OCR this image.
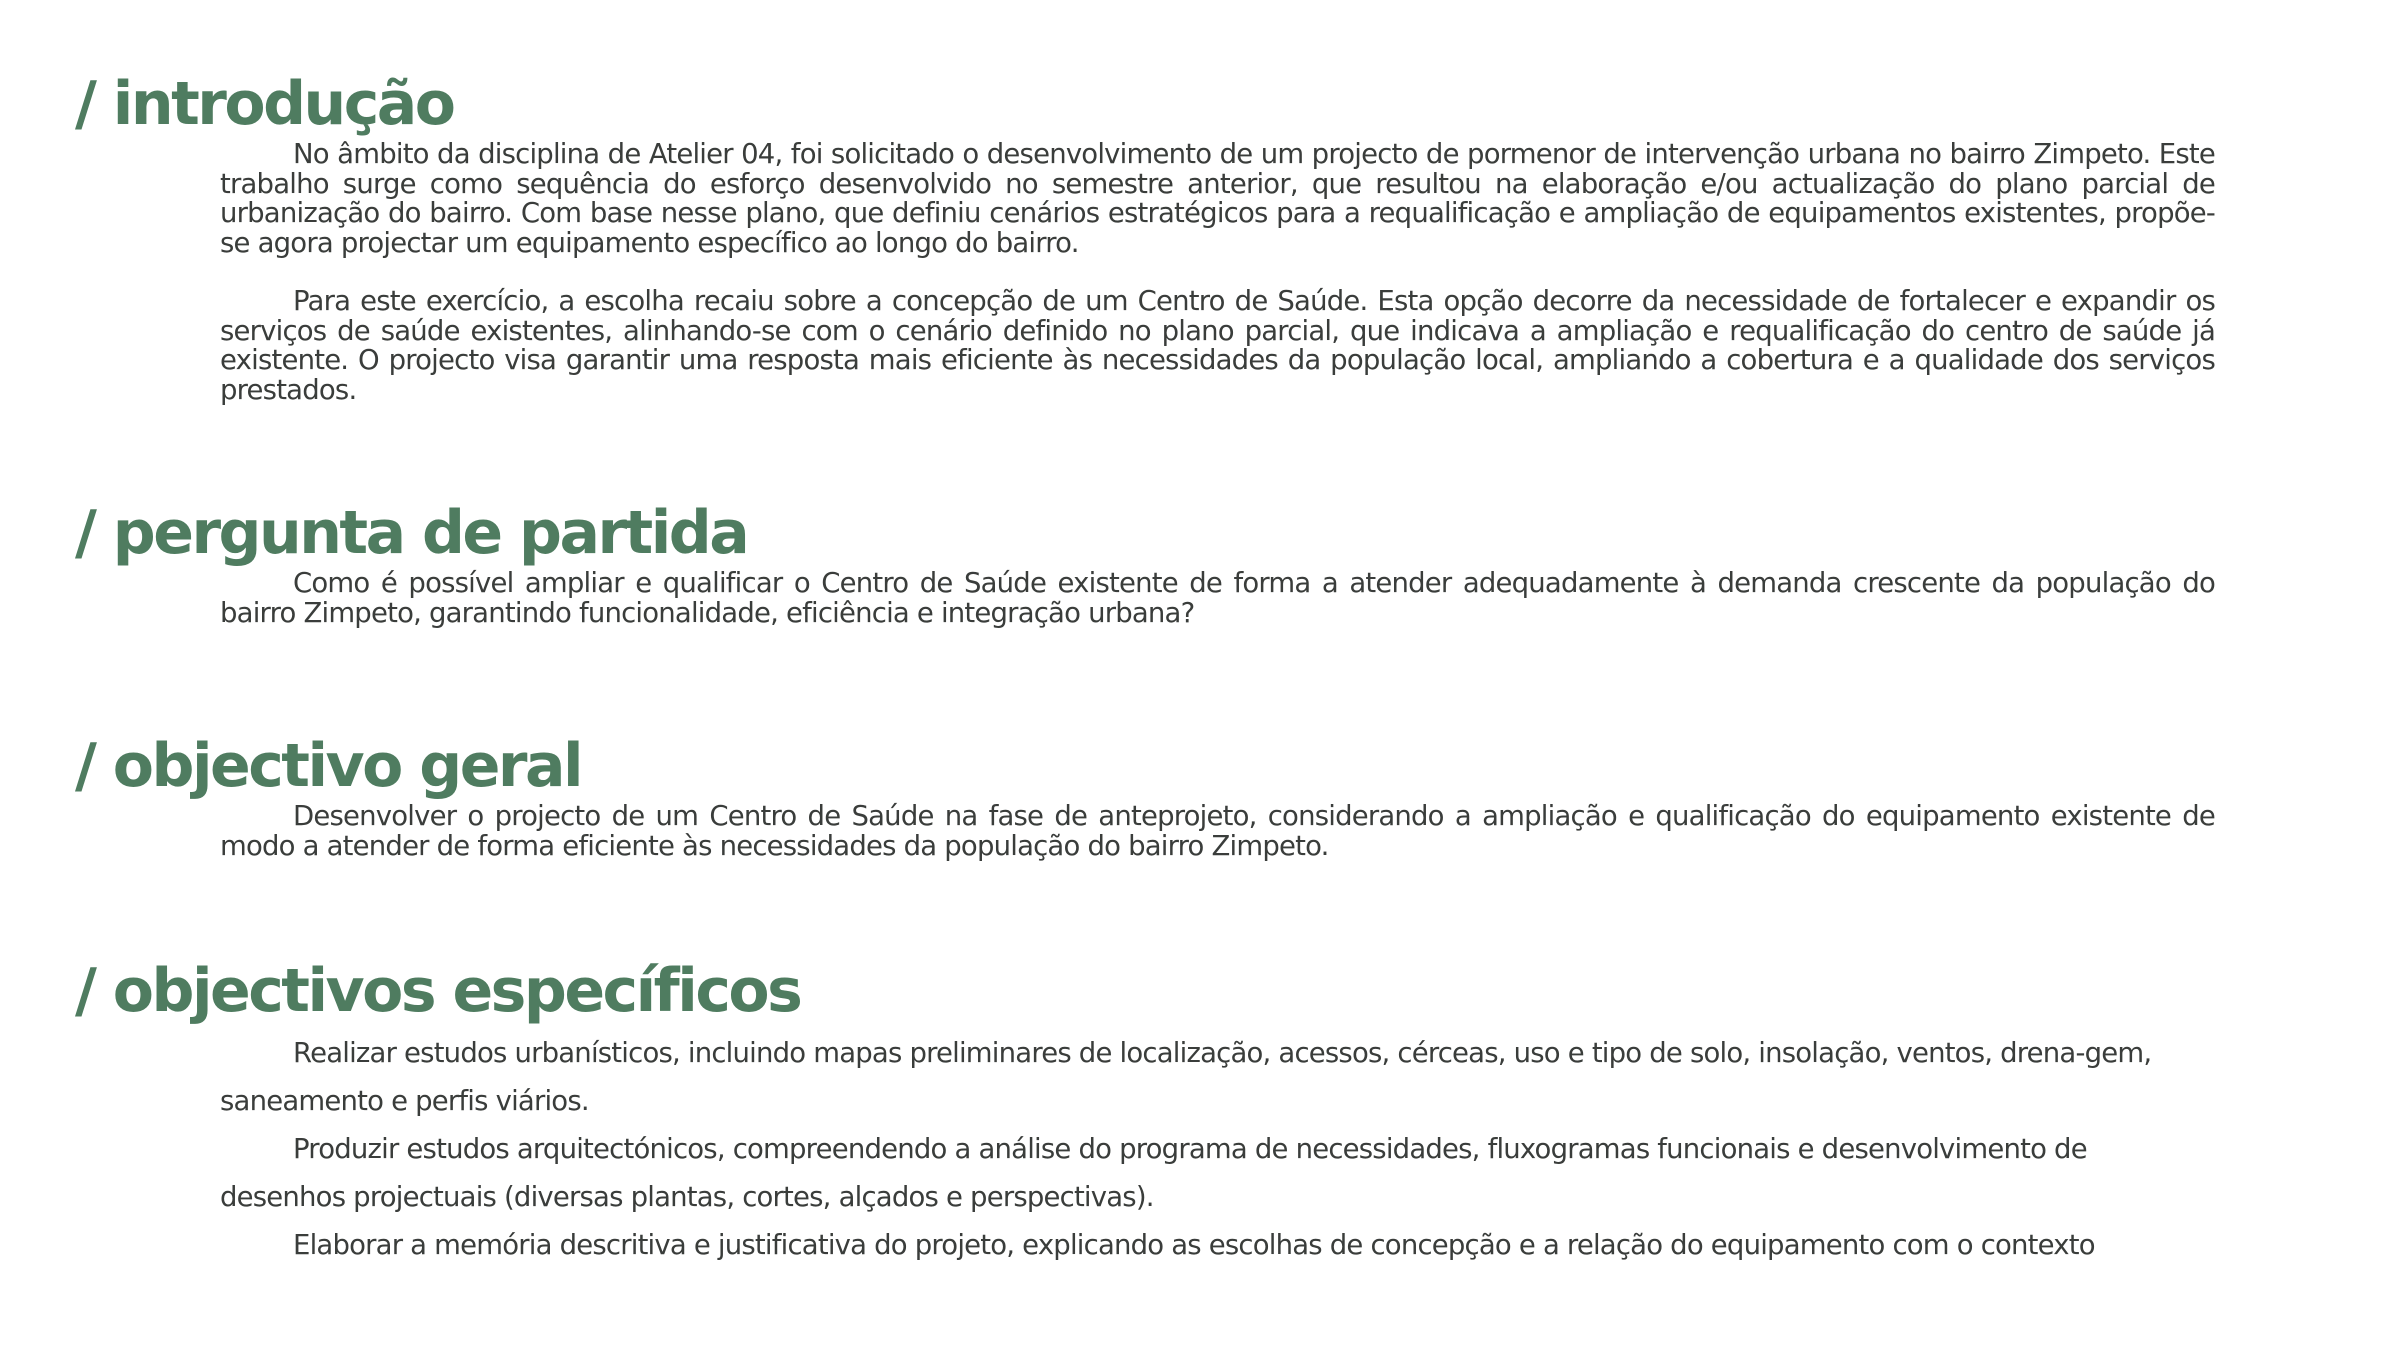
/ introdução

No âmbito da disciplina de Atelier 04, foi solicitado o desenvolvimento de um projecto de pormenor de intervenção urbana no bairro Zimpeto. Este trabalho surge como sequência do esforço desenvolvido no semestre anterior, que resultou na elaboração e/ou actualização do plano parcial de urbanização do bairro. Com base nesse plano, que definiu cenários estratégicos para a requalificação e ampliação de equipamentos existentes, propõe-se agora projectar um equipamento específico ao longo do bairro.

Para este exercício, a escolha recaiu sobre a concepção de um Centro de Saúde. Esta opção decorre da necessidade de fortalecer e expandir os serviços de saúde existentes, alinhando-se com o cenário definido no plano parcial, que indicava a ampliação e requalificação do centro de saúde já existente. O projecto visa garantir uma resposta mais eficiente às necessidades da população local, ampliando a cobertura e a qualidade dos serviços prestados.

/ pergunta de partida

Como é possível ampliar e qualificar o Centro de Saúde existente de forma a atender adequadamente à demanda crescente da população do bairro Zimpeto, garantindo funcionalidade, eficiência e integração urbana?

/ objectivo geral

Desenvolver o projecto de um Centro de Saúde na fase de anteprojeto, considerando a ampliação e qualificação do equipamento existente de modo a atender de forma eficiente às necessidades da população do bairro Zimpeto.

/ objectivos específicos

Realizar estudos urbanísticos, incluindo mapas preliminares de localização, acessos, cérceas, uso e tipo de solo, insolação, ventos, drena-gem, saneamento e perfis viários.

Produzir estudos arquitectónicos, compreendendo a análise do programa de necessidades, fluxogramas funcionais e desenvolvimento de desenhos projectuais (diversas plantas, cortes, alçados e perspectivas).

Elaborar a memória descritiva e justificativa do projeto, explicando as escolhas de concepção e a relação do equipamento com o contexto
